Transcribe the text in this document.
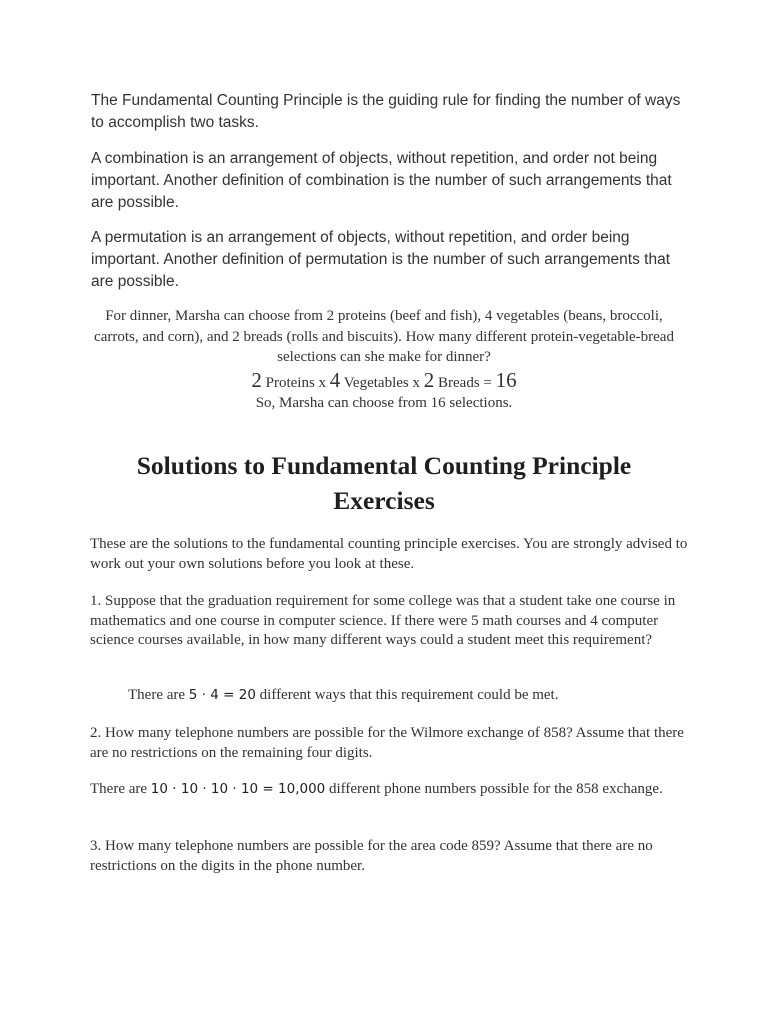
The Fundamental Counting Principle is the guiding rule for finding the number of ways to accomplish two tasks.

A combination is an arrangement of objects, without repetition, and order not being important. Another definition of combination is the number of such arrangements that are possible.

A permutation is an arrangement of objects, without repetition, and order being important. Another definition of permutation is the number of such arrangements that are possible.

For dinner, Marsha can choose from 2 proteins (beef and fish), 4 vegetables (beans, broccoli, carrots, and corn), and 2 breads (rolls and biscuits). How many different protein-vegetable-bread selections can she make for dinner?
2 Proteins x 4 Vegetables x 2 Breads = 16
So, Marsha can choose from 16 selections.
Solutions to Fundamental Counting Principle Exercises
These are the solutions to the fundamental counting principle exercises. You are strongly advised to work out your own solutions before you look at these.
1. Suppose that the graduation requirement for some college was that a student take one course in mathematics and one course in computer science. If there were 5 math courses and 4 computer science courses available, in how many different ways could a student meet this requirement?
There are 5 · 4 = 20 different ways that this requirement could be met.
2. How many telephone numbers are possible for the Wilmore exchange of 858? Assume that there are no restrictions on the remaining four digits.
There are 10 · 10 · 10 · 10 = 10,000 different phone numbers possible for the 858 exchange.
3. How many telephone numbers are possible for the area code 859? Assume that there are no restrictions on the digits in the phone number.
